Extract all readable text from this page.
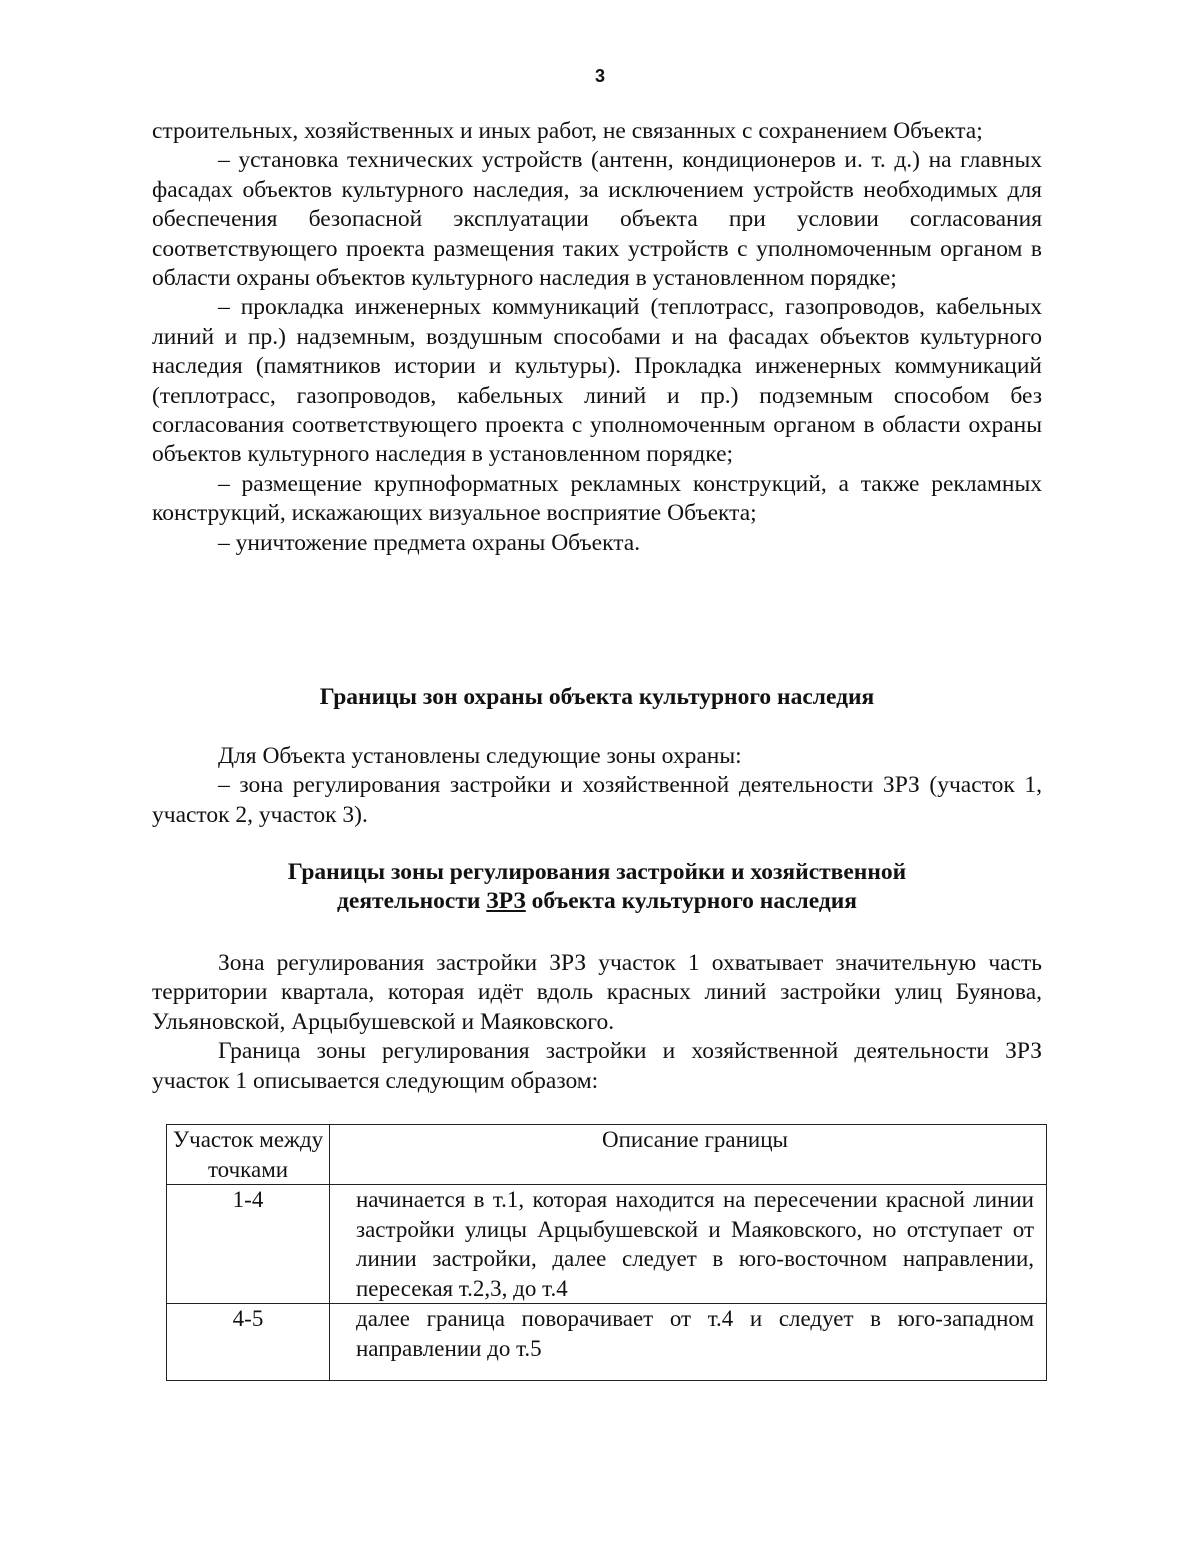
3

строительных, хозяйственных и иных работ, не связанных с сохранением Объекта;

– установка технических устройств (антенн, кондиционеров и. т. д.) на главных фасадах объектов культурного наследия, за исключением устройств необходимых для обеспечения безопасной эксплуатации объекта при условии согласования соответствующего проекта размещения таких устройств с уполномоченным органом в области охраны объектов культурного наследия в установленном порядке;

– прокладка инженерных коммуникаций (теплотрасс, газопроводов, кабельных линий и пр.) надземным, воздушным способами и на фасадах объектов культурного наследия (памятников истории и культуры). Прокладка инженерных коммуникаций (теплотрасс, газопроводов, кабельных линий и пр.) подземным способом без согласования соответствующего проекта с уполномоченным органом в области охраны объектов культурного наследия в установленном порядке;

– размещение крупноформатных рекламных конструкций, а также рекламных конструкций, искажающих визуальное восприятие Объекта;

– уничтожение предмета охраны Объекта.

Границы зон охраны объекта культурного наследия

Для Объекта установлены следующие зоны охраны:

– зона регулирования застройки и хозяйственной деятельности ЗРЗ (участок 1, участок 2, участок 3).

Границы зоны регулирования застройки и хозяйственной
деятельности ЗРЗ объекта культурного наследия

Зона регулирования застройки ЗРЗ участок 1 охватывает значительную часть территории квартала, которая идёт вдоль красных линий застройки улиц Буянова, Ульяновской, Арцыбушевской и Маяковского.

Граница зоны регулирования застройки и хозяйственной деятельности ЗРЗ участок 1 описывается следующим образом:

Участок между точками	Описание границы
1-4	начинается в т.1, которая находится на пересечении красной линии застройки улицы Арцыбушевской и Маяковского, но отступает от линии застройки, далее следует в юго-восточном направлении, пересекая т.2,3, до т.4
4-5	далее граница поворачивает от т.4 и следует в юго-западном направлении до т.5
